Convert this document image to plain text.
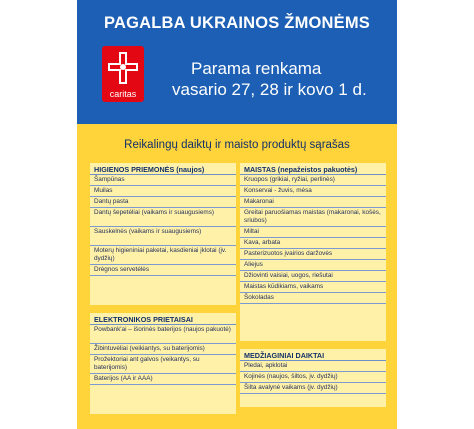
PAGALBA UKRAINOS ŽMONĖMS
caritas
Parama renkama
vasario 27, 28 ir kovo 1 d.
Reikalingų daiktų ir maisto produktų sąrašas
HIGIENOS PRIEMONĖS (naujos)
Šampūnas
Muilas
Dantų pasta
Dantų šepetėliai (vaikams ir suaugusiems)
Sauskelnės (vaikams ir suaugusiems)
Moterų higieniniai paketai, kasdieniai įklotai (įv. dydžių)
Drėgnos servetėlės
ELEKTRONIKOS PRIETAISAI
Powbank'ai – išorinės baterijos (naujos pakuotė)
Žibintuvėliai (veikiantys, su baterijomis)
Prožektoriai ant galvos (veikantys, su baterijomis)
Baterijos (AA ir AAA)
MAISTAS (nepažeistos pakuotės)
Kruopos (grikiai, ryžiai, perlinės)
Konservai - žuvis, mėsa
Makaronai
Greitai paruošiamas maistas (makaronai, košės, sriubos)
Miltai
Kava, arbata
Pasterizuotos įvairios daržovės
Aliejus
Džiovinti vaisiai, uogos, riešutai
Maistas kūdikiams, vaikams
Šokoladas
MEDŽIAGINIAI DAIKTAI
Pledai, apklotai
Kojinės (naujos, šiltos, įv. dydžių)
Šilta avalynė vaikams (įv. dydžių)
